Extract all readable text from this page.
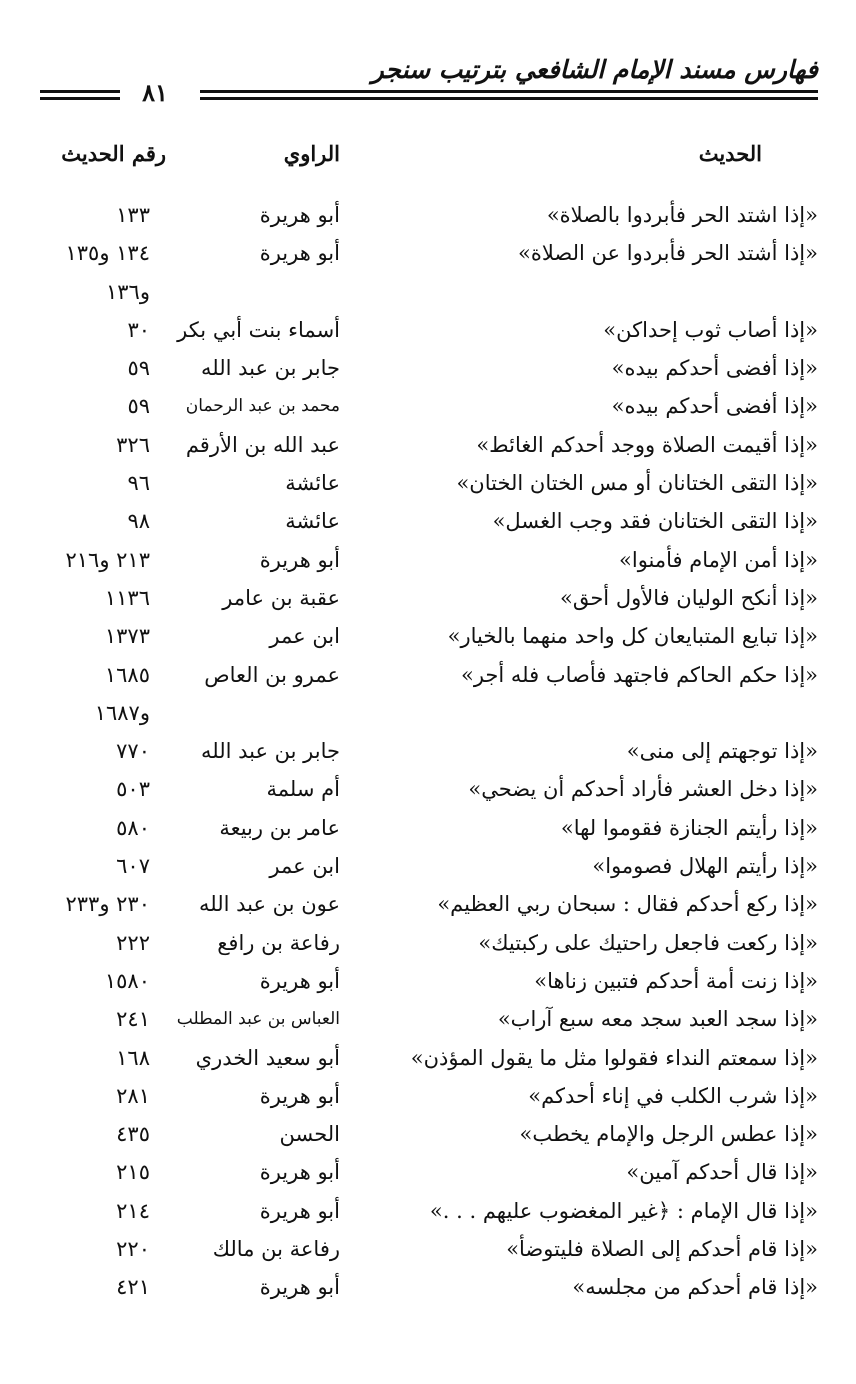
فهارس مسند الإمام الشافعي بترتيب سنجر
٨١
الحديث
الراوي
رقم الحديث
«إذا اشتد الحر فأبردوا بالصلاة»
أبو هريرة
١٣٣
«إذا أشتد الحر فأبردوا عن الصلاة»
أبو هريرة
١٣٤ و١٣٥
و١٣٦
«إذا أصاب ثوب إحداكن»
أسماء بنت أبي بكر
٣٠
«إذا أفضى أحدكم بيده»
جابر بن عبد الله
٥٩
«إذا أفضى أحدكم بيده»
محمد بن عبد الرحمان
٥٩
«إذا أقيمت الصلاة ووجد أحدكم الغائط»
عبد الله بن الأرقم
٣٢٦
«إذا التقى الختانان أو مس الختان الختان»
عائشة
٩٦
«إذا التقى الختانان فقد وجب الغسل»
عائشة
٩٨
«إذا أمن الإمام فأمنوا»
أبو هريرة
٢١٣ و٢١٦
«إذا أنكح الوليان فالأول أحق»
عقبة بن عامر
١١٣٦
«إذا تبايع المتبايعان كل واحد منهما بالخيار»
ابن عمر
١٣٧٣
«إذا حكم الحاكم فاجتهد فأصاب فله أجر»
عمرو بن العاص
١٦٨٥
و١٦٨٧
«إذا توجهتم إلى منى»
جابر بن عبد الله
٧٧٠
«إذا دخل العشر فأراد أحدكم أن يضحي»
أم سلمة
٥٠٣
«إذا رأيتم الجنازة فقوموا لها»
عامر بن ربيعة
٥٨٠
«إذا رأيتم الهلال فصوموا»
ابن عمر
٦٠٧
«إذا ركع أحدكم فقال : سبحان ربي العظيم»
عون بن عبد الله
٢٣٠ و٢٣٣
«إذا ركعت فاجعل راحتيك على ركبتيك»
رفاعة بن رافع
٢٢٢
«إذا زنت أمة أحدكم فتبين زناها»
أبو هريرة
١٥٨٠
«إذا سجد العبد سجد معه سبع آراب»
العباس بن عبد المطلب
٢٤١
«إذا سمعتم النداء فقولوا مثل ما يقول المؤذن»
أبو سعيد الخدري
١٦٨
«إذا شرب الكلب في إناء أحدكم»
أبو هريرة
٢٨١
«إذا عطس الرجل والإمام يخطب»
الحسن
٤٣٥
«إذا قال أحدكم آمين»
أبو هريرة
٢١٥
«إذا قال الإمام : ﴿غير المغضوب عليهم . . .»
أبو هريرة
٢١٤
«إذا قام أحدكم إلى الصلاة فليتوضأ»
رفاعة بن مالك
٢٢٠
«إذا قام أحدكم من مجلسه»
أبو هريرة
٤٢١
